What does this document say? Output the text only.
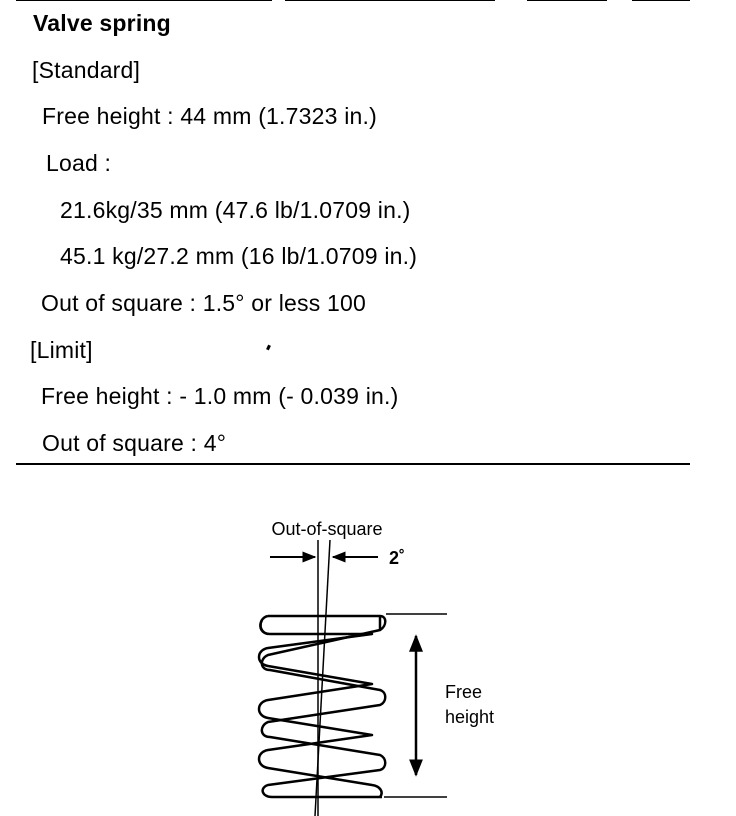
Valve spring
[Standard]
Free height : 44 mm (1.7323 in.)
Load :
21.6kg/35 mm (47.6 lb/1.0709 in.)
45.1 kg/27.2 mm (16 lb/1.0709 in.)
Out of square : 1.5° or less 100
[Limit]
Free height : - 1.0 mm (- 0.039 in.)
Out of square : 4°
Out-of-square
2˚
Free
height
